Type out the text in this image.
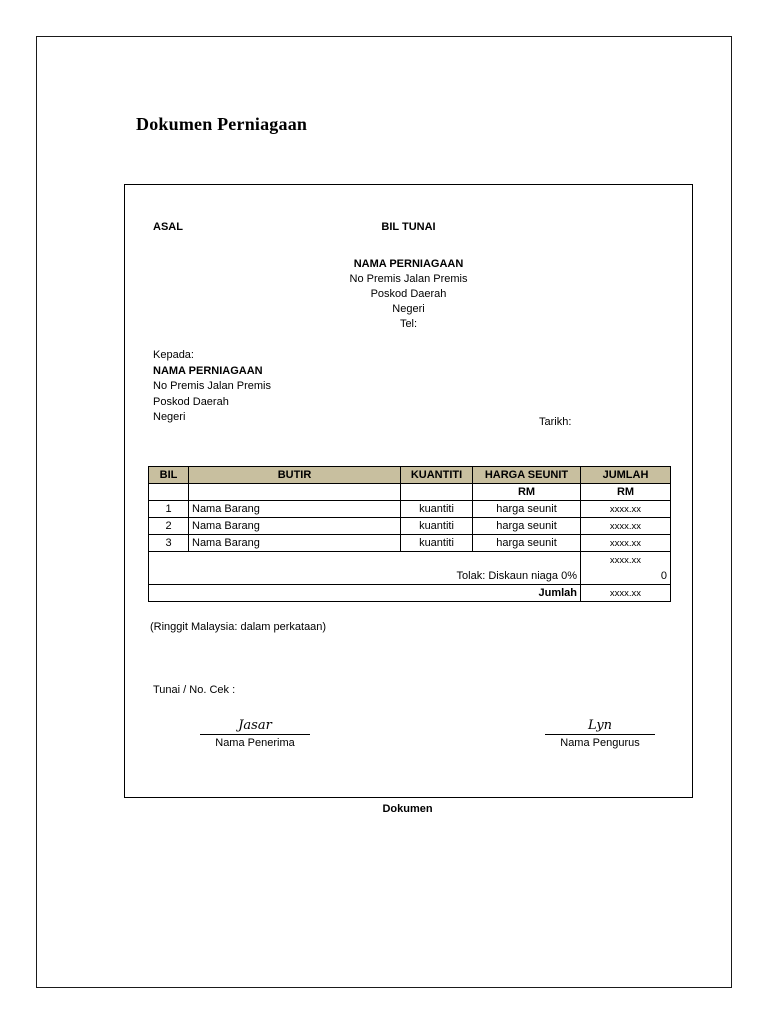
Dokumen Perniagaan
ASAL	BIL TUNAI
NAMA PERNIAGAAN
No Premis Jalan Premis
Poskod Daerah
Negeri
Tel:
Kepada:
NAMA PERNIAGAAN
No Premis Jalan Premis
Poskod Daerah
Negeri	Tarikh:
BIL	BUTIR	KUANTITI	HARGA SEUNIT	JUMLAH
			RM	RM
1	Nama Barang	kuantiti	harga seunit	xxxx.xx
2	Nama Barang	kuantiti	harga seunit	xxxx.xx
3	Nama Barang	kuantiti	harga seunit	xxxx.xx
				xxxx.xx
Tolak: Diskaun niaga 0%				0
Jumlah				xxxx.xx
(Ringgit Malaysia: dalam perkataan)
Tunai / No. Cek :
Jasar
Nama Penerima
Lyn
Nama Pengurus
Dokumen
